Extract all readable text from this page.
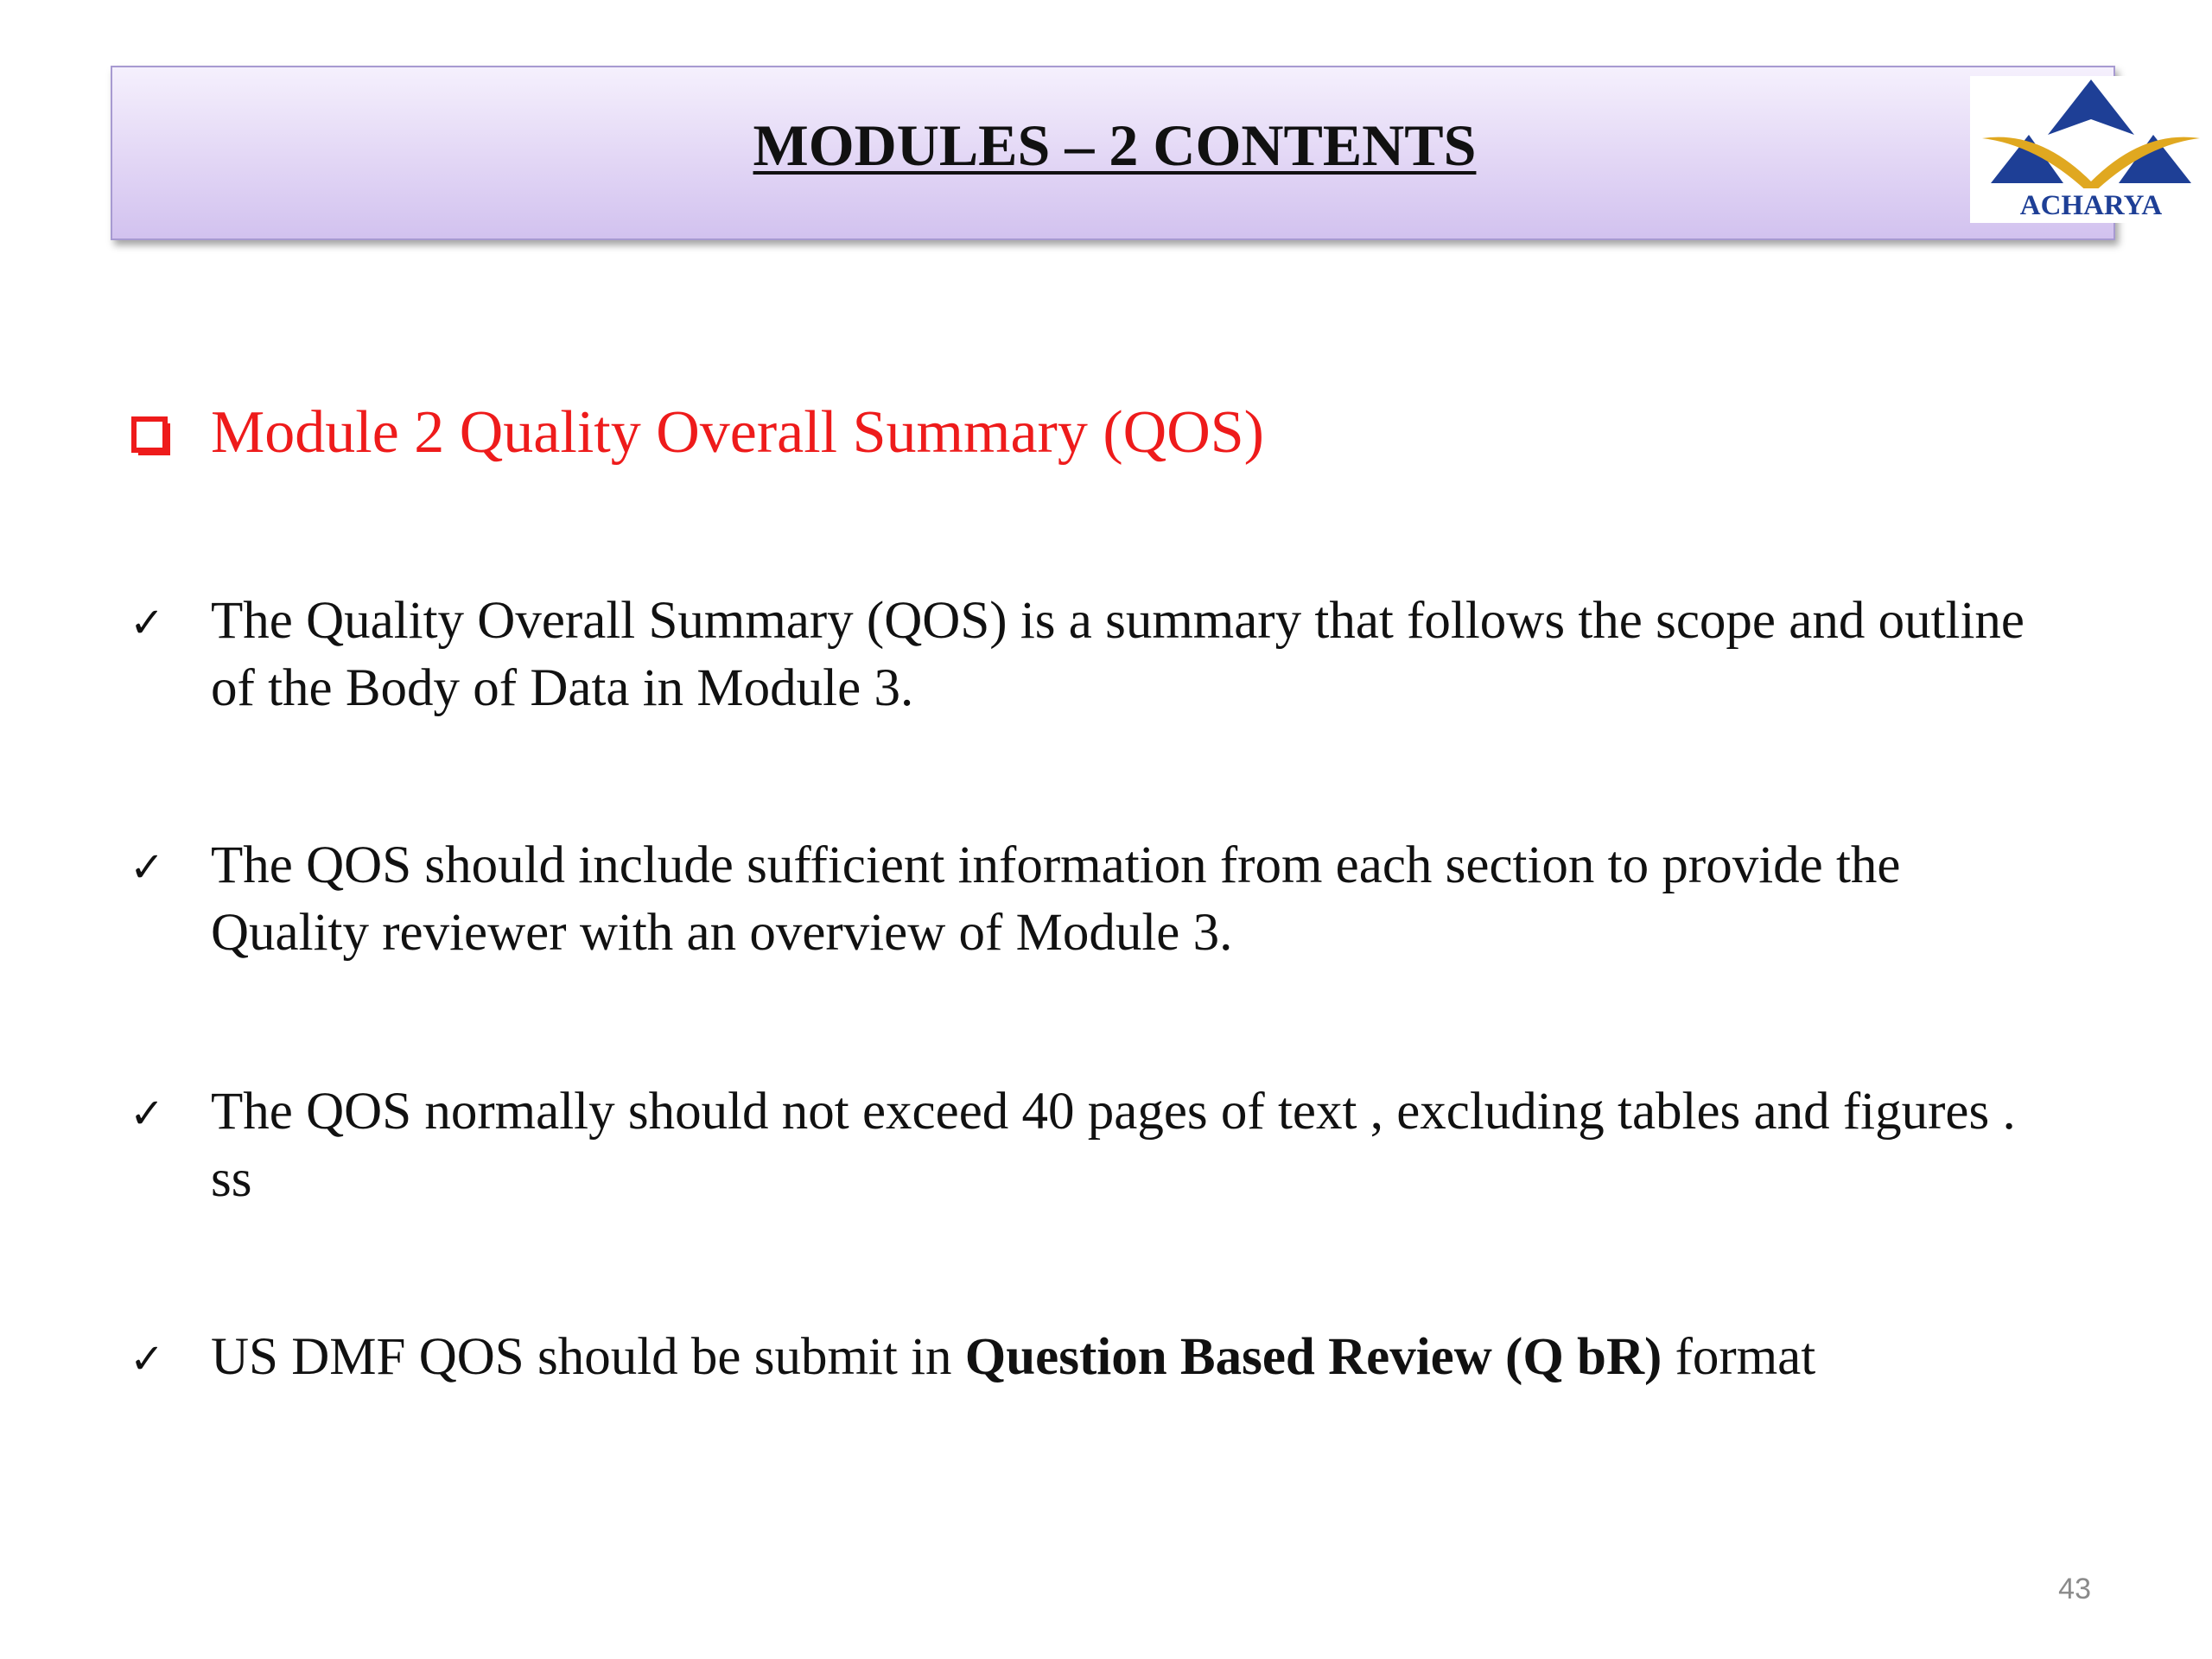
MODULES – 2 CONTENTS
ACHARYA
Module 2 Quality Overall Summary (QOS)
✓ The Quality Overall Summary (QOS) is a summary that follows the scope and outline of the Body of Data in Module 3.
✓ The QOS should include sufficient information from each section to provide the Quality reviewer with an overview of Module 3.
✓ The QOS normally should not exceed 40 pages of text , excluding tables and figures . ss
✓ US DMF QOS should be submit in Question Based Review (Q bR) format
43
